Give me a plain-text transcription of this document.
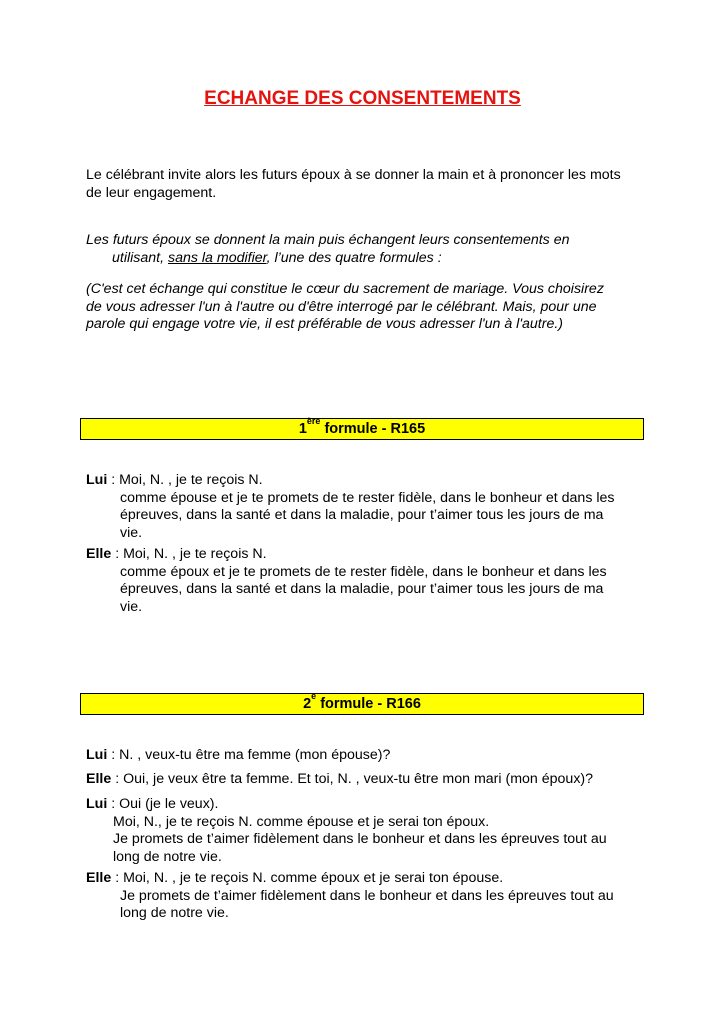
ECHANGE DES CONSENTEMENTS
Le célébrant invite alors les futurs époux à se donner la main et à prononcer les mots
de leur engagement.
Les futurs époux se donnent la main puis échangent leurs consentements en
utilisant, sans la modifier, l’une des quatre formules :
(C'est cet échange qui constitue le cœur du sacrement de mariage. Vous choisirez
de vous adresser l'un à l'autre ou d'être interrogé par le célébrant. Mais, pour une
parole qui engage votre vie, il est préférable de vous adresser l'un à l'autre.)
1ère formule - R165
Lui : Moi, N. , je te reçois N.
comme épouse et je te promets de te rester fidèle, dans le bonheur et dans les
épreuves, dans la santé et dans la maladie, pour t’aimer tous les jours de ma
vie.
Elle : Moi, N. , je te reçois N.
comme époux et je te promets de te rester fidèle, dans le bonheur et dans les
épreuves, dans la santé et dans la maladie, pour t’aimer tous les jours de ma
vie.
2e formule - R166
Lui : N. , veux-tu être ma femme (mon épouse)?
Elle : Oui, je veux être ta femme. Et toi, N. , veux-tu être mon mari (mon époux)?
Lui : Oui (je le veux).
Moi, N., je te reçois N. comme épouse et je serai ton époux.
Je promets de t’aimer fidèlement dans le bonheur et dans les épreuves tout au
long de notre vie.
Elle : Moi, N. , je te reçois N. comme époux et je serai ton épouse.
Je promets de t’aimer fidèlement dans le bonheur et dans les épreuves tout au
long de notre vie.
